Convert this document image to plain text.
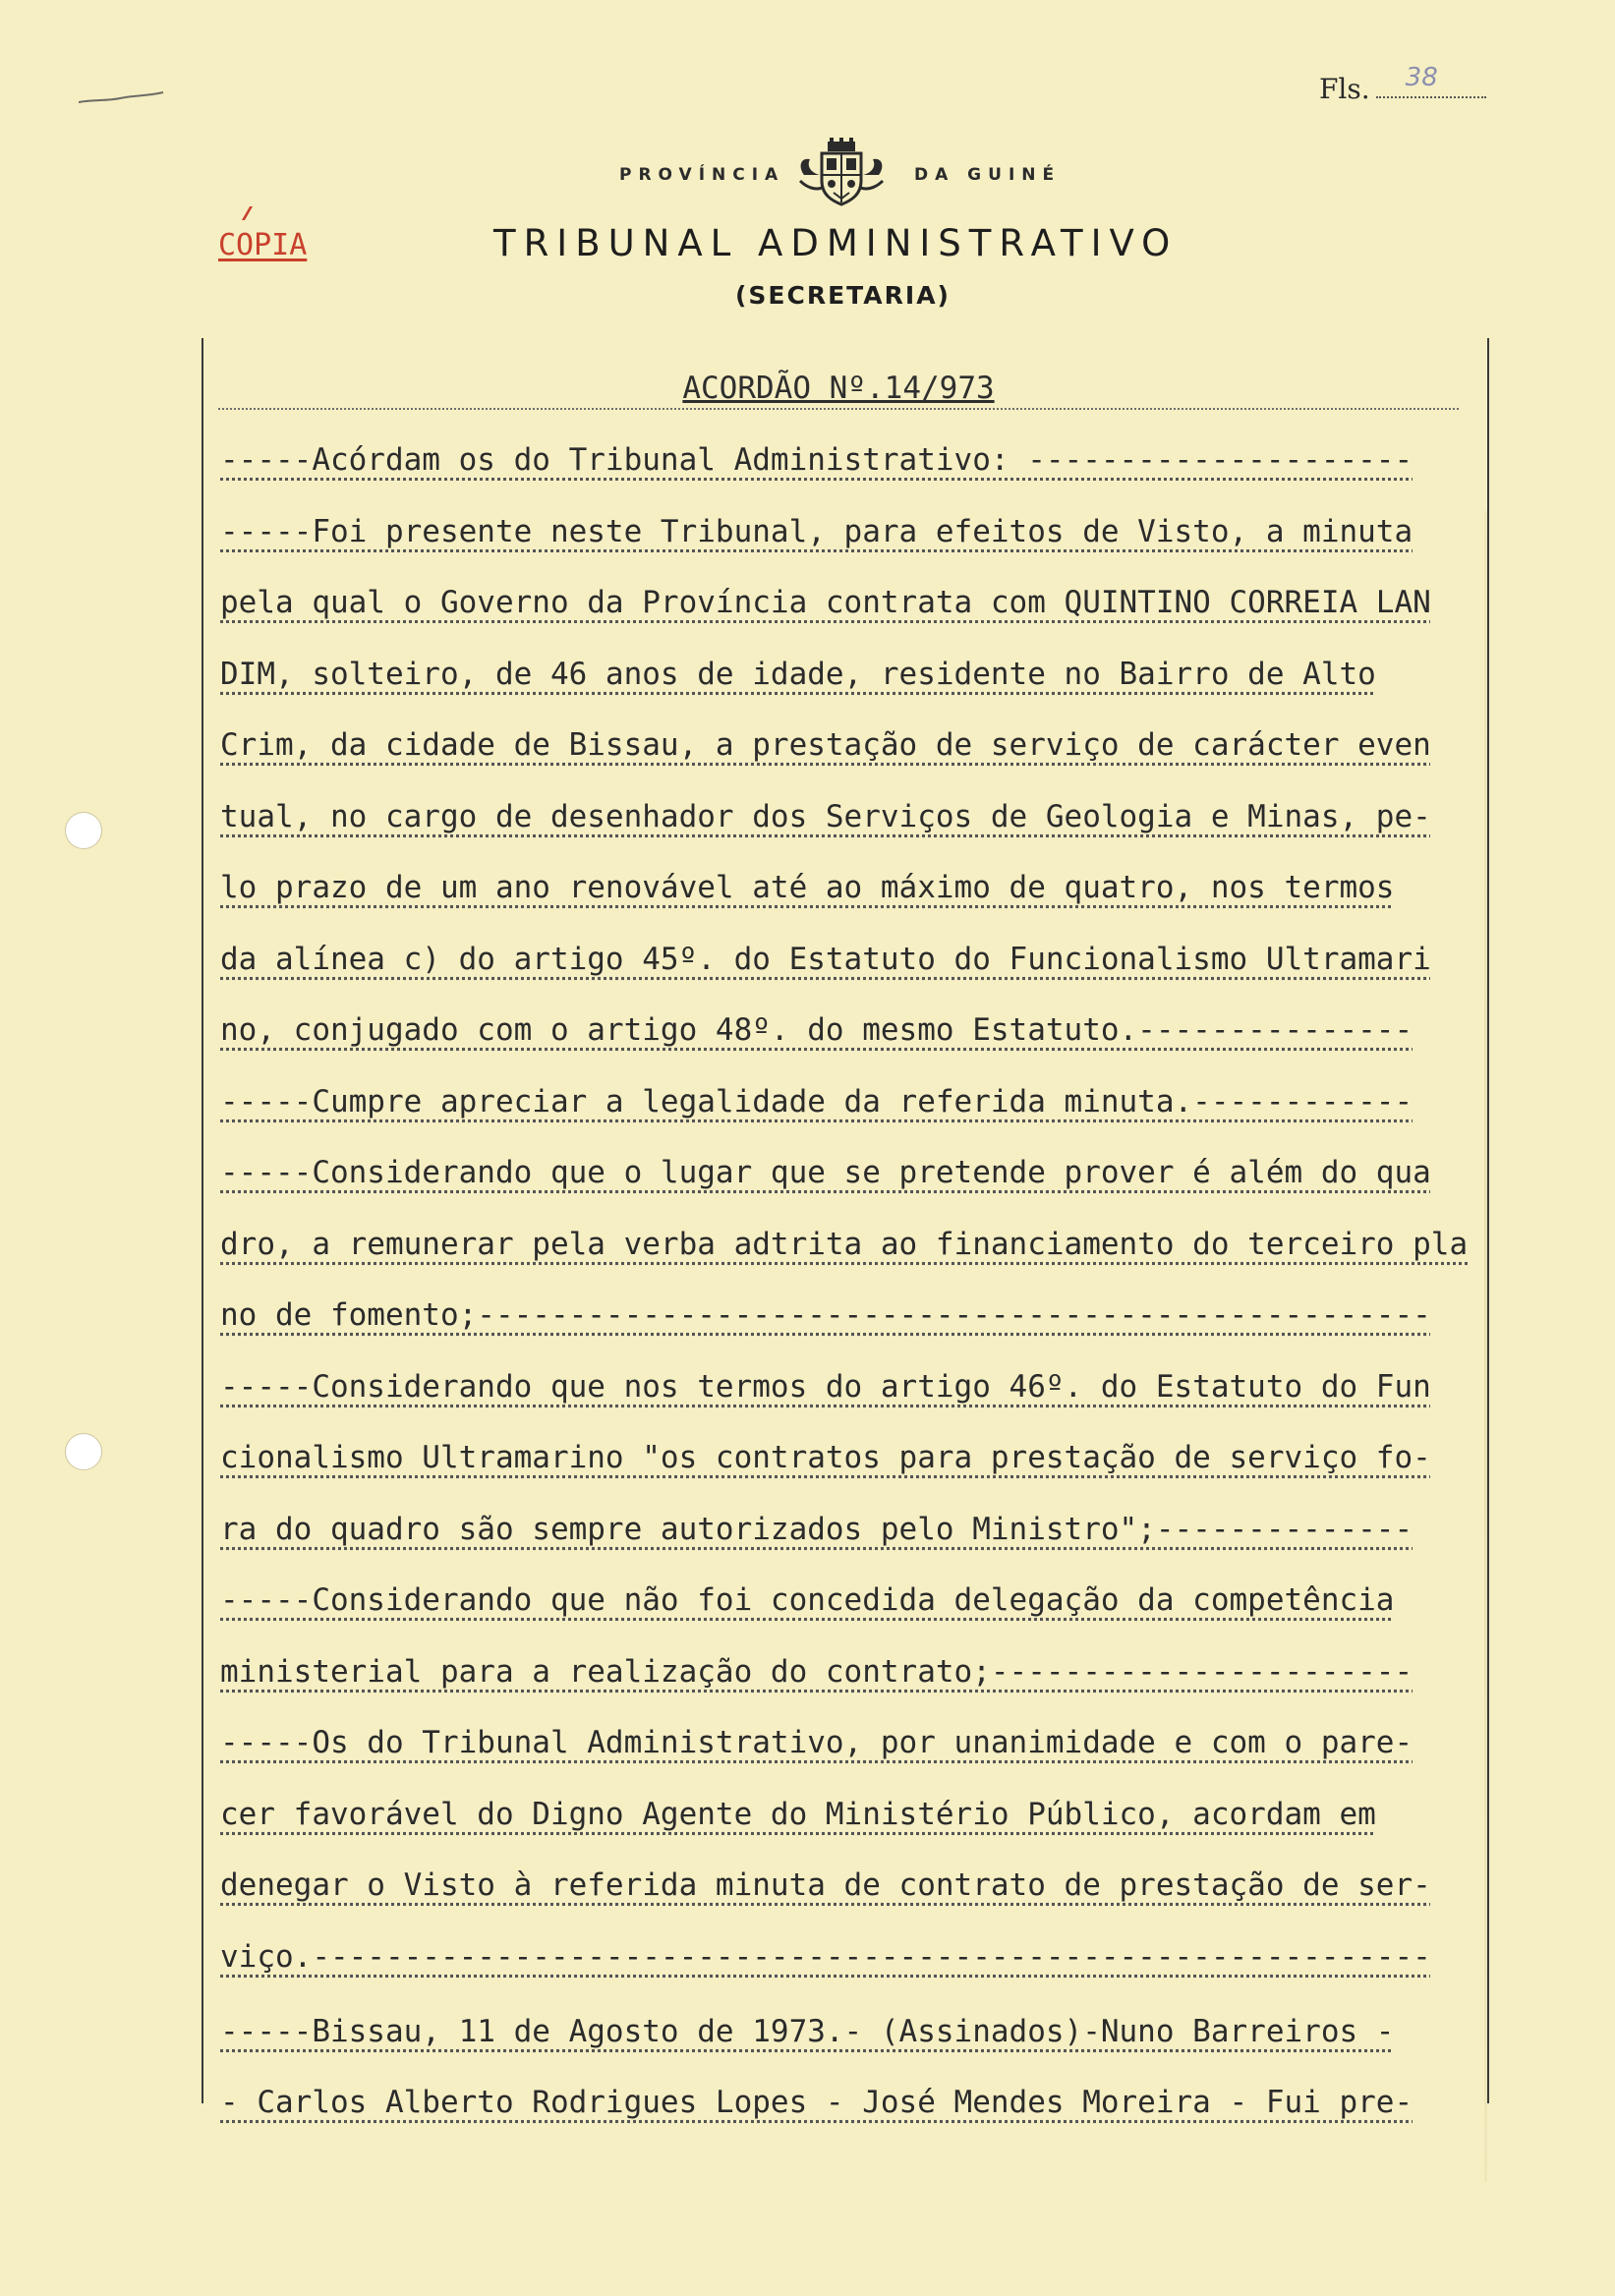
Fls. 38
PROVÍNCIA	DA GUINÉ
COPIA	TRIBUNAL ADMINISTRATIVO
(SECRETARIA)
ACORDÃO Nº.14/973
-----Acórdam os do Tribunal Administrativo: ---------------------
-----Foi presente neste Tribunal, para efeitos de Visto, a minuta
pela qual o Governo da Província contrata com QUINTINO CORREIA LAN
DIM, solteiro, de 46 anos de idade, residente no Bairro de Alto
Crim, da cidade de Bissau, a prestação de serviço de carácter even
tual, no cargo de desenhador dos Serviços de Geologia e Minas, pe-
lo prazo de um ano renovável até ao máximo de quatro, nos termos
da alínea c) do artigo 45º. do Estatuto do Funcionalismo Ultramari
no, conjugado com o artigo 48º. do mesmo Estatuto.---------------
-----Cumpre apreciar a legalidade da referida minuta.------------
-----Considerando que o lugar que se pretende prover é além do qua
dro, a remunerar pela verba adtrita ao financiamento do terceiro pla
no de fomento;----------------------------------------------------
-----Considerando que nos termos do artigo 46º. do Estatuto do Fun
cionalismo Ultramarino "os contratos para prestação de serviço fo-
ra do quadro são sempre autorizados pelo Ministro";--------------
-----Considerando que não foi concedida delegação da competência
ministerial para a realização do contrato;-----------------------
-----Os do Tribunal Administrativo, por unanimidade e com o pare-
cer favorável do Digno Agente do Ministério Público, acordam em
denegar o Visto à referida minuta de contrato de prestação de ser-
viço.-------------------------------------------------------------
-----Bissau, 11 de Agosto de 1973.- (Assinados)-Nuno Barreiros -
- Carlos Alberto Rodrigues Lopes - José Mendes Moreira - Fui pre-
